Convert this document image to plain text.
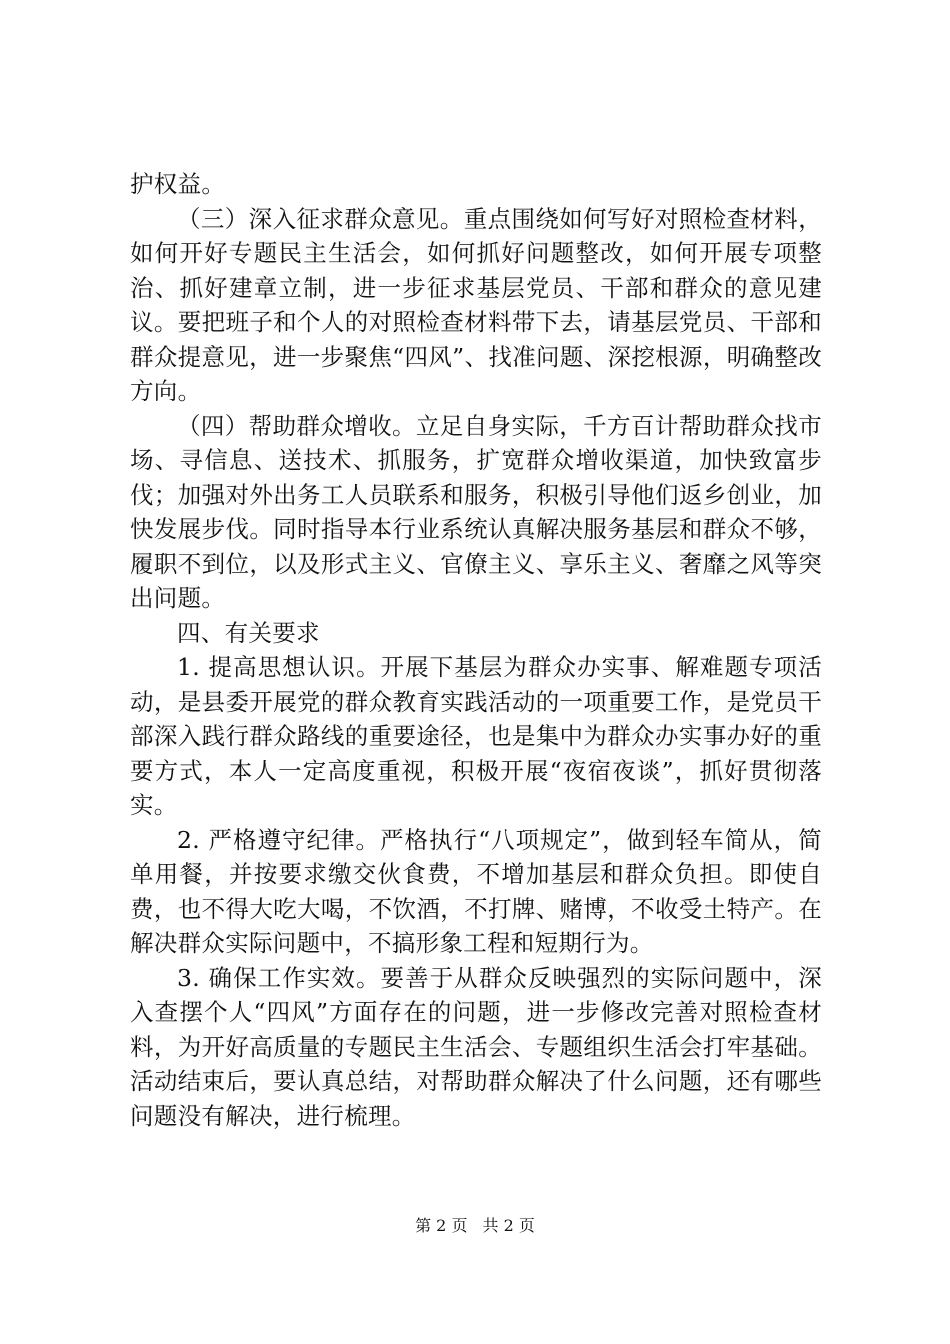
护权益。

（三）深入征求群众意见。重点围绕如何写好对照检查材料，如何开好专题民主生活会，如何抓好问题整改，如何开展专项整治、抓好建章立制，进一步征求基层党员、干部和群众的意见建议。要把班子和个人的对照检查材料带下去，请基层党员、干部和群众提意见，进一步聚焦“四风”、找准问题、深挖根源，明确整改方向。

（四）帮助群众增收。立足自身实际，千方百计帮助群众找市场、寻信息、送技术、抓服务，扩宽群众增收渠道，加快致富步伐；加强对外出务工人员联系和服务，积极引导他们返乡创业，加快发展步伐。同时指导本行业系统认真解决服务基层和群众不够，履职不到位，以及形式主义、官僚主义、享乐主义、奢靡之风等突出问题。

四、有关要求

1. 提高思想认识。开展下基层为群众办实事、解难题专项活动，是县委开展党的群众教育实践活动的一项重要工作，是党员干部深入践行群众路线的重要途径，也是集中为群众办实事办好的重要方式，本人一定高度重视，积极开展“夜宿夜谈”，抓好贯彻落实。

2. 严格遵守纪律。严格执行“八项规定”，做到轻车简从，简单用餐，并按要求缴交伙食费，不增加基层和群众负担。即使自费，也不得大吃大喝，不饮酒，不打牌、赌博，不收受土特产。在解决群众实际问题中，不搞形象工程和短期行为。

3. 确保工作实效。要善于从群众反映强烈的实际问题中，深入查摆个人“四风”方面存在的问题，进一步修改完善对照检查材料，为开好高质量的专题民主生活会、专题组织生活会打牢基础。活动结束后，要认真总结，对帮助群众解决了什么问题，还有哪些问题没有解决，进行梳理。

第 2 页 共 2 页
